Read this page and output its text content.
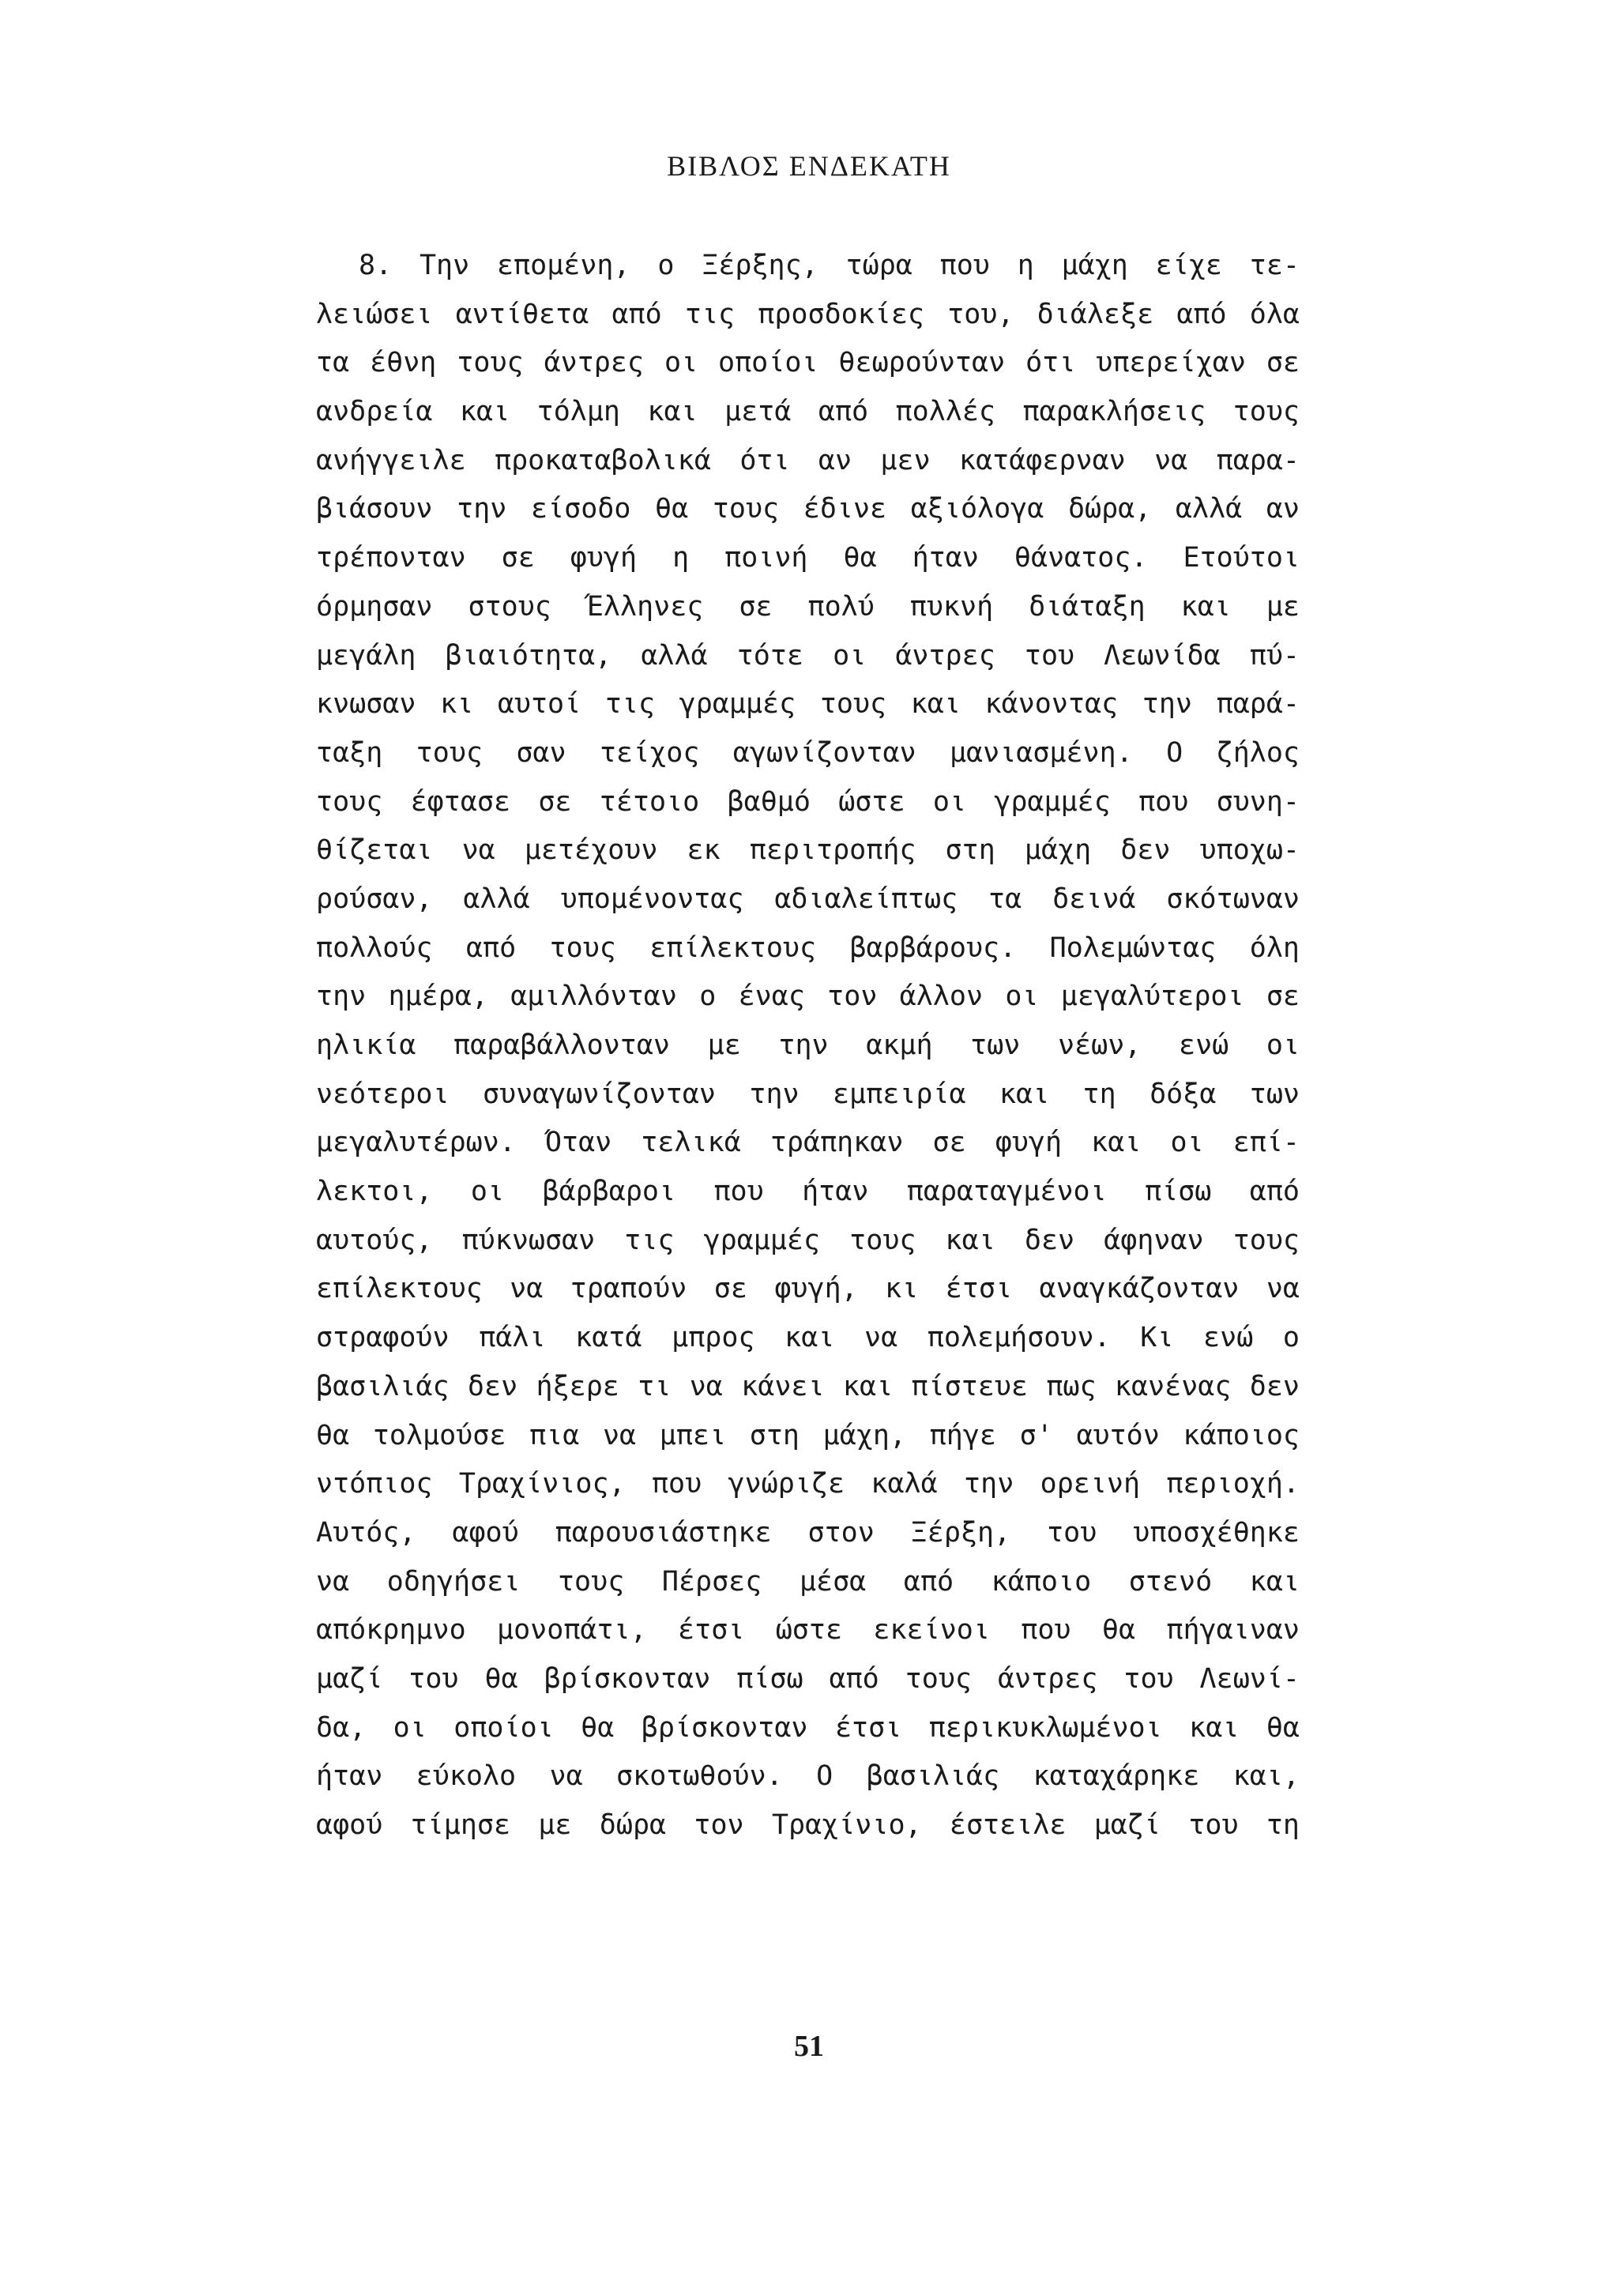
ΒΙΒΛΟΣ ΕΝΔΕΚΑΤΗ
8. Την επομένη, ο Ξέρξης, τώρα που η μάχη είχε τε-
λειώσει αντίθετα από τις προσδοκίες του, διάλεξε από όλα
τα έθνη τους άντρες οι οποίοι θεωρούνταν ότι υπερείχαν σε
ανδρεία και τόλμη και μετά από πολλές παρακλήσεις τους
ανήγγειλε προκαταβολικά ότι αν μεν κατάφερναν να παρα-
βιάσουν την είσοδο θα τους έδινε αξιόλογα δώρα, αλλά αν
τρέπονταν σε φυγή η ποινή θα ήταν θάνατος. Ετούτοι
όρμησαν στους Έλληνες σε πολύ πυκνή διάταξη και με
μεγάλη βιαιότητα, αλλά τότε οι άντρες του Λεωνίδα πύ-
κνωσαν κι αυτοί τις γραμμές τους και κάνοντας την παρά-
ταξη τους σαν τείχος αγωνίζονταν μανιασμένη. Ο ζήλος
τους έφτασε σε τέτοιο βαθμό ώστε οι γραμμές που συνη-
θίζεται να μετέχουν εκ περιτροπής στη μάχη δεν υποχω-
ρούσαν, αλλά υπομένοντας αδιαλείπτως τα δεινά σκότωναν
πολλούς από τους επίλεκτους βαρβάρους. Πολεμώντας όλη
την ημέρα, αμιλλόνταν ο ένας τον άλλον οι μεγαλύτεροι σε
ηλικία παραβάλλονταν με την ακμή των νέων, ενώ οι
νεότεροι συναγωνίζονταν την εμπειρία και τη δόξα των
μεγαλυτέρων. Όταν τελικά τράπηκαν σε φυγή και οι επί-
λεκτοι, οι βάρβαροι που ήταν παραταγμένοι πίσω από
αυτούς, πύκνωσαν τις γραμμές τους και δεν άφηναν τους
επίλεκτους να τραπούν σε φυγή, κι έτσι αναγκάζονταν να
στραφούν πάλι κατά μπρος και να πολεμήσουν. Κι ενώ ο
βασιλιάς δεν ήξερε τι να κάνει και πίστευε πως κανένας δεν
θα τολμούσε πια να μπει στη μάχη, πήγε σ' αυτόν κάποιος
ντόπιος Τραχίνιος, που γνώριζε καλά την ορεινή περιοχή.
Αυτός, αφού παρουσιάστηκε στον Ξέρξη, του υποσχέθηκε
να οδηγήσει τους Πέρσες μέσα από κάποιο στενό και
απόκρημνο μονοπάτι, έτσι ώστε εκείνοι που θα πήγαιναν
μαζί του θα βρίσκονταν πίσω από τους άντρες του Λεωνί-
δα, οι οποίοι θα βρίσκονταν έτσι περικυκλωμένοι και θα
ήταν εύκολο να σκοτωθούν. Ο βασιλιάς καταχάρηκε και,
αφού τίμησε με δώρα τον Τραχίνιο, έστειλε μαζί του τη
51
